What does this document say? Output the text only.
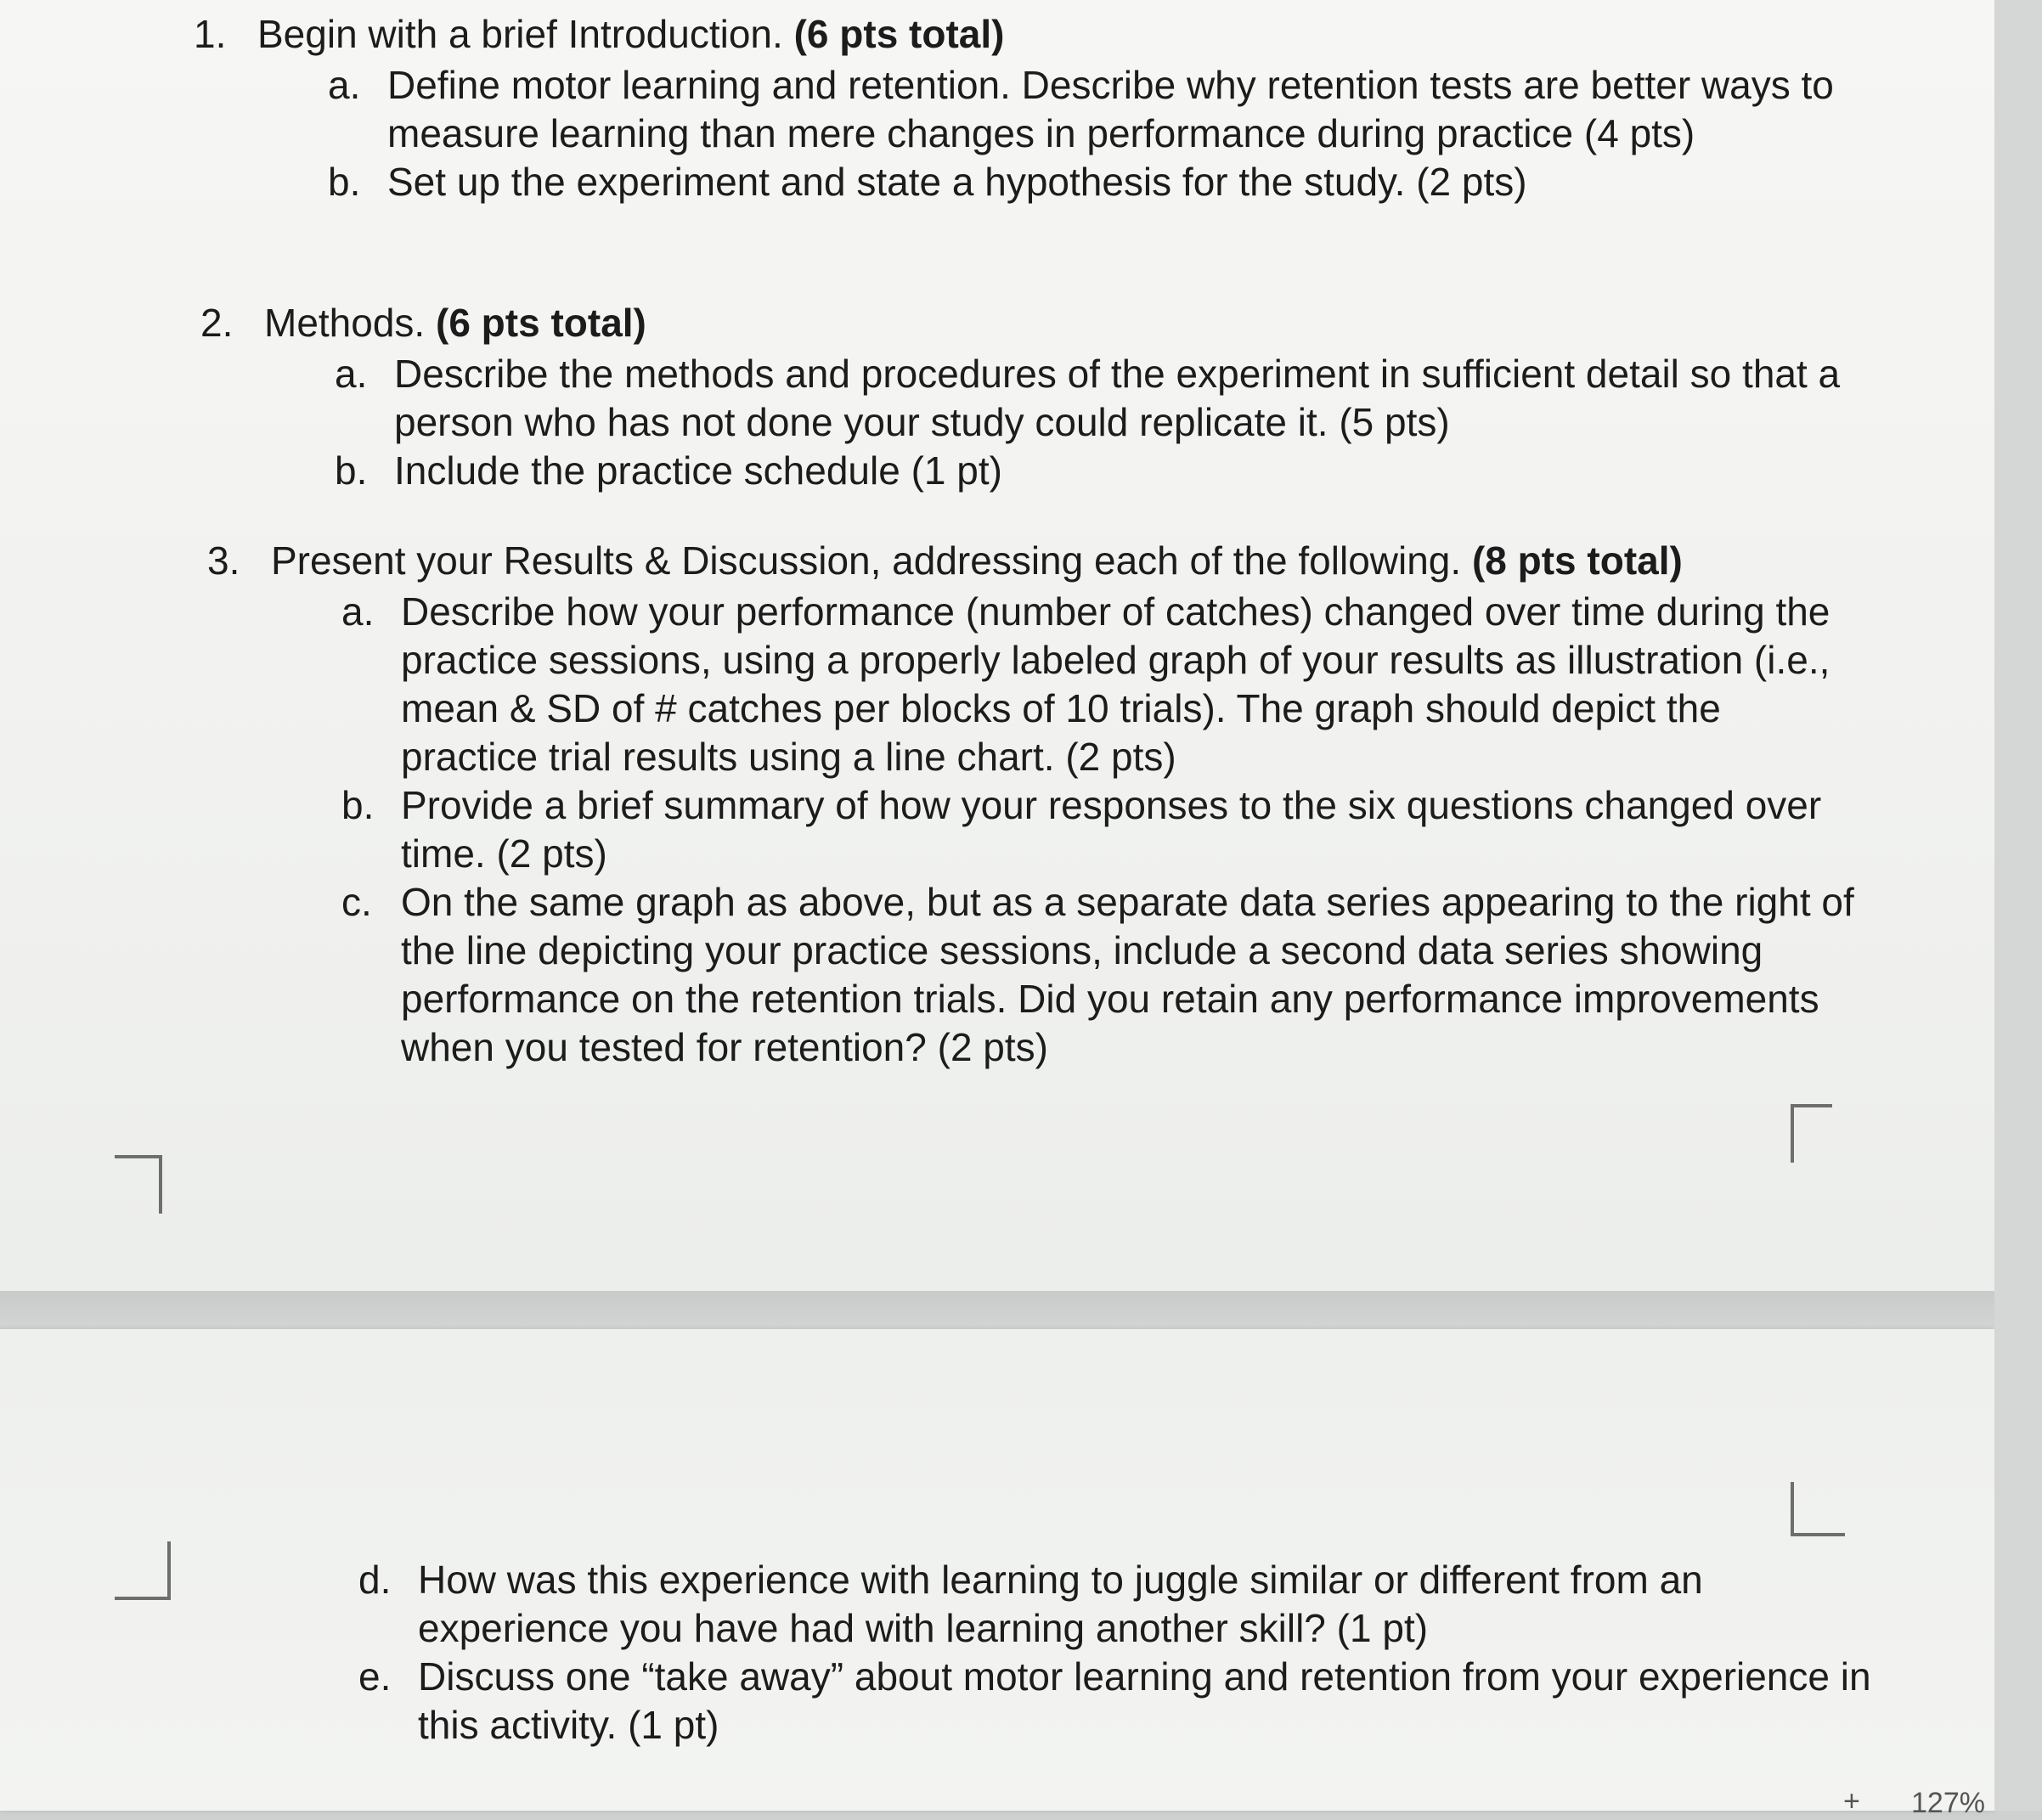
1. Begin with a brief Introduction. (6 pts total)
a. Define motor learning and retention. Describe why retention tests are better ways to measure learning than mere changes in performance during practice (4 pts)
b. Set up the experiment and state a hypothesis for the study. (2 pts)
2. Methods. (6 pts total)
a. Describe the methods and procedures of the experiment in sufficient detail so that a person who has not done your study could replicate it. (5 pts)
b. Include the practice schedule (1 pt)
3. Present your Results & Discussion, addressing each of the following. (8 pts total)
a. Describe how your performance (number of catches) changed over time during the practice sessions, using a properly labeled graph of your results as illustration (i.e., mean & SD of # catches per blocks of 10 trials). The graph should depict the practice trial results using a line chart. (2 pts)
b. Provide a brief summary of how your responses to the six questions changed over time. (2 pts)
c. On the same graph as above, but as a separate data series appearing to the right of the line depicting your practice sessions, include a second data series showing performance on the retention trials. Did you retain any performance improvements when you tested for retention? (2 pts)
d. How was this experience with learning to juggle similar or different from an experience you have had with learning another skill? (1 pt)
e. Discuss one “take away” about motor learning and retention from your experience in this activity. (1 pt)
+ 127%
